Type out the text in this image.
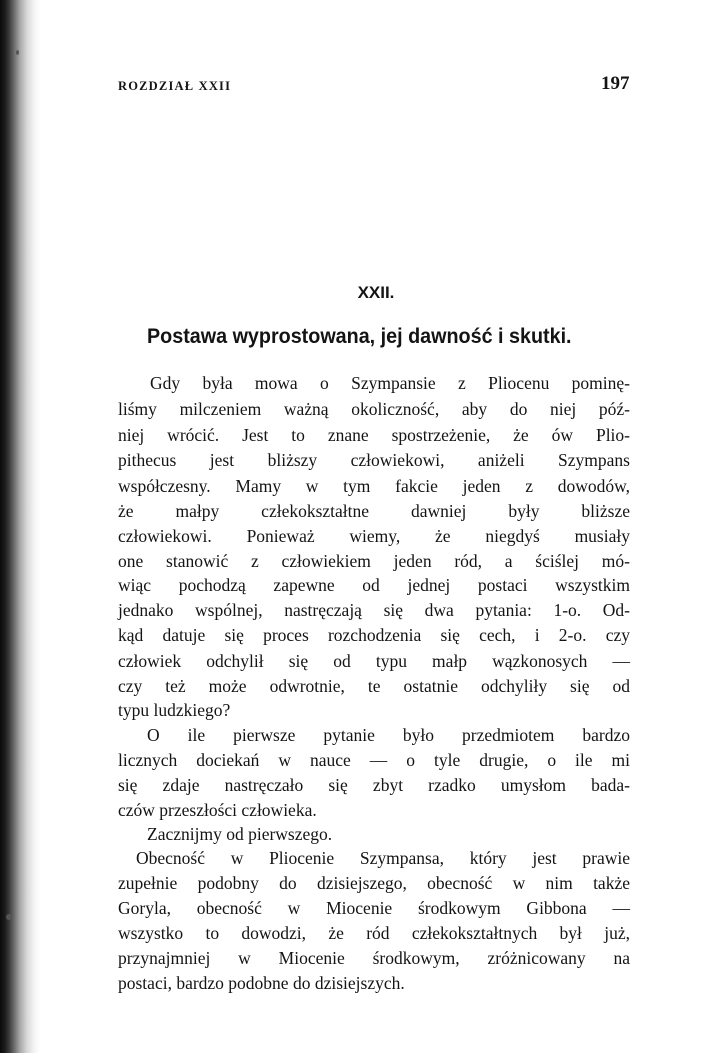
ROZDZIAŁ XXII	197
XXII.
Postawa wyprostowana, jej dawność i skutki.
Gdy była mowa o Szympansie z Pliocenu pominę-
liśmy milczeniem ważną okoliczność, aby do niej póź-
niej wrócić. Jest to znane spostrzeżenie, że ów Plio-
pithecus jest bliższy człowiekowi, aniżeli Szympans
współczesny. Mamy w tym fakcie jeden z dowodów,
że małpy człekokształtne dawniej były bliższe
człowiekowi. Ponieważ wiemy, że niegdyś musiały
one stanowić z człowiekiem jeden ród, a ściślej mó-
wiąc pochodzą zapewne od jednej postaci wszystkim
jednako wspólnej, nastręczają się dwa pytania: 1-o. Od-
kąd datuje się proces rozchodzenia się cech, i 2-o. czy
człowiek odchylił się od typu małp wązkonosych —
czy też może odwrotnie, te ostatnie odchyliły się od
typu ludzkiego?
O ile pierwsze pytanie było przedmiotem bardzo
licznych dociekań w nauce — o tyle drugie, o ile mi
się zdaje nastręczało się zbyt rzadko umysłom bada-
czów przeszłości człowieka.
Zacznijmy od pierwszego.
Obecność w Pliocenie Szympansa, który jest prawie
zupełnie podobny do dzisiejszego, obecność w nim także
Goryla, obecność w Miocenie środkowym Gibbona —
wszystko to dowodzi, że ród człekokształtnych był już,
przynajmniej w Miocenie środkowym, zróżnicowany na
postaci, bardzo podobne do dzisiejszych.
